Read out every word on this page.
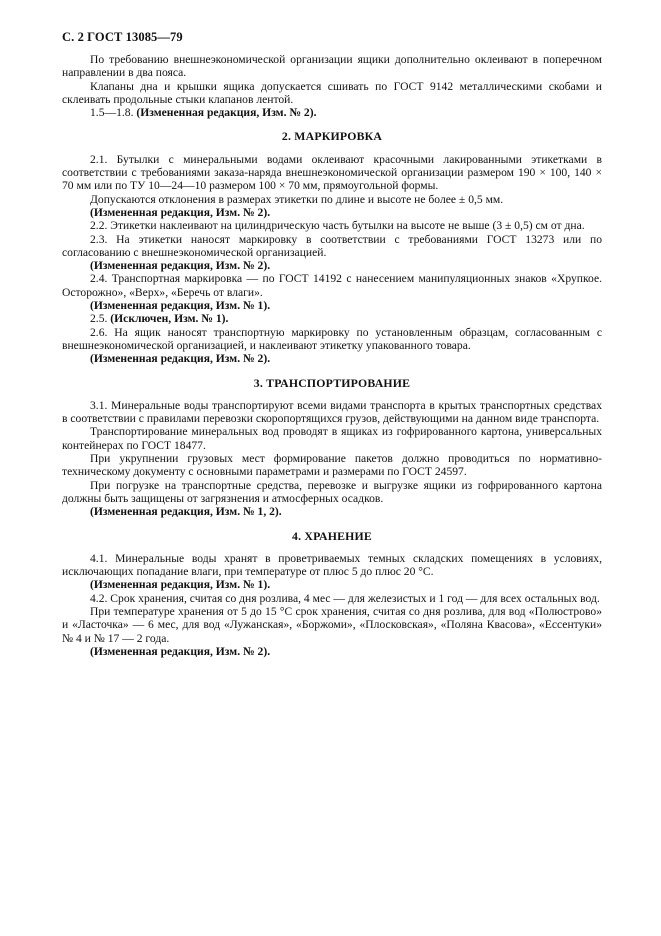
С. 2 ГОСТ 13085—79

По требованию внешнеэкономической организации ящики дополнительно оклеивают в поперечном направлении в два пояса.

Клапаны дна и крышки ящика допускается сшивать по ГОСТ 9142 металлическими скобами и склеивать продольные стыки клапанов лентой.

1.5—1.8. (Измененная редакция, Изм. № 2).

2. МАРКИРОВКА

2.1. Бутылки с минеральными водами оклеивают красочными лакированными этикетками в соответствии с требованиями заказа-наряда внешнеэкономической организации размером 190 × 100, 140 × 70 мм или по ТУ 10—24—10 размером 100 × 70 мм, прямоугольной формы.

Допускаются отклонения в размерах этикетки по длине и высоте не более ± 0,5 мм.

(Измененная редакция, Изм. № 2).

2.2. Этикетки наклеивают на цилиндрическую часть бутылки на высоте не выше (3 ± 0,5) см от дна.

2.3. На этикетки наносят маркировку в соответствии с требованиями ГОСТ 13273 или по согласованию с внешнеэкономической организацией.

(Измененная редакция, Изм. № 2).

2.4. Транспортная маркировка — по ГОСТ 14192 с нанесением манипуляционных знаков «Хрупкое. Осторожно», «Верх», «Беречь от влаги».

(Измененная редакция, Изм. № 1).

2.5. (Исключен, Изм. № 1).

2.6. На ящик наносят транспортную маркировку по установленным образцам, согласованным с внешнеэкономической организацией, и наклеивают этикетку упакованного товара.

(Измененная редакция, Изм. № 2).

3. ТРАНСПОРТИРОВАНИЕ

3.1. Минеральные воды транспортируют всеми видами транспорта в крытых транспортных средствах в соответствии с правилами перевозки скоропортящихся грузов, действующими на данном виде транспорта.

Транспортирование минеральных вод проводят в ящиках из гофрированного картона, универсальных контейнерах по ГОСТ 18477.

При укрупнении грузовых мест формирование пакетов должно проводиться по нормативно-техническому документу с основными параметрами и размерами по ГОСТ 24597.

При погрузке на транспортные средства, перевозке и выгрузке ящики из гофрированного картона должны быть защищены от загрязнения и атмосферных осадков.

(Измененная редакция, Изм. № 1, 2).

4. ХРАНЕНИЕ

4.1. Минеральные воды хранят в проветриваемых темных складских помещениях в условиях, исключающих попадание влаги, при температуре от плюс 5 до плюс 20 °С.

(Измененная редакция, Изм. № 1).

4.2. Срок хранения, считая со дня розлива, 4 мес — для железистых и 1 год — для всех остальных вод.

При температуре хранения от 5 до 15 °С срок хранения, считая со дня розлива, для вод «Полюстрово» и «Ласточка» — 6 мес, для вод «Лужанская», «Боржоми», «Плосковская», «Поляна Квасова», «Ессентуки» № 4 и № 17 — 2 года.

(Измененная редакция, Изм. № 2).
